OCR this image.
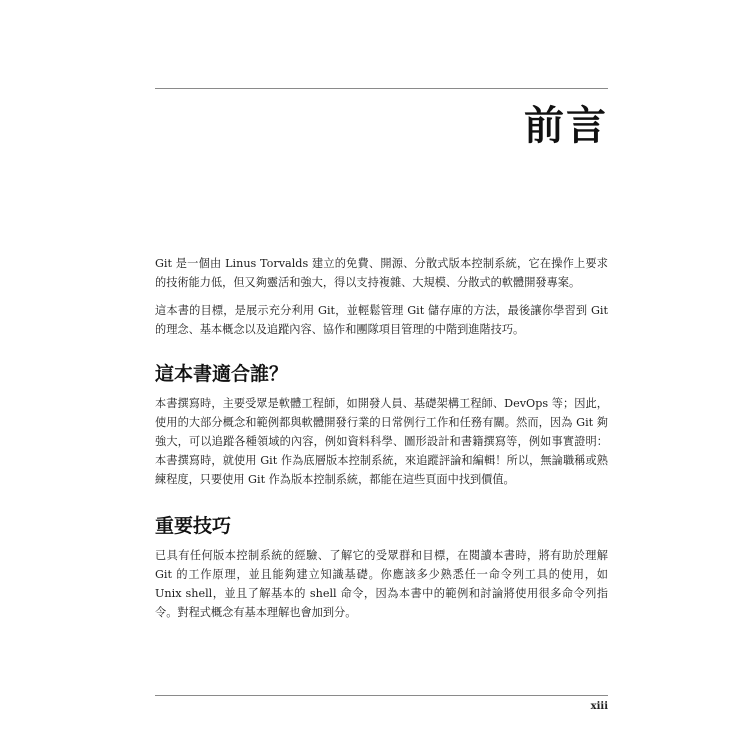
前言

Git 是一個由 Linus Torvalds 建立的免費、開源、分散式版本控制系統，它在操作上要求的技術能力低，但又夠靈活和強大，得以支持複雜、大規模、分散式的軟體開發專案。

這本書的目標，是展示充分利用 Git，並輕鬆管理 Git 儲存庫的方法，最後讓你學習到 Git 的理念、基本概念以及追蹤內容、協作和團隊項目管理的中階到進階技巧。

這本書適合誰？

本書撰寫時，主要受眾是軟體工程師，如開發人員、基礎架構工程師、DevOps 等；因此，使用的大部分概念和範例都與軟體開發行業的日常例行工作和任務有關。然而，因為 Git 夠強大，可以追蹤各種領域的內容，例如資料科學、圖形設計和書籍撰寫等，例如事實證明：本書撰寫時，就使用 Git 作為底層版本控制系統，來追蹤評論和編輯！所以，無論職稱或熟練程度，只要使用 Git 作為版本控制系統，都能在這些頁面中找到價值。

重要技巧

已具有任何版本控制系統的經驗、了解它的受眾群和目標，在閱讀本書時，將有助於理解 Git 的工作原理，並且能夠建立知識基礎。你應該多少熟悉任一命令列工具的使用，如 Unix shell，並且了解基本的 shell 命令，因為本書中的範例和討論將使用很多命令列指令。對程式概念有基本理解也會加到分。

xiii
